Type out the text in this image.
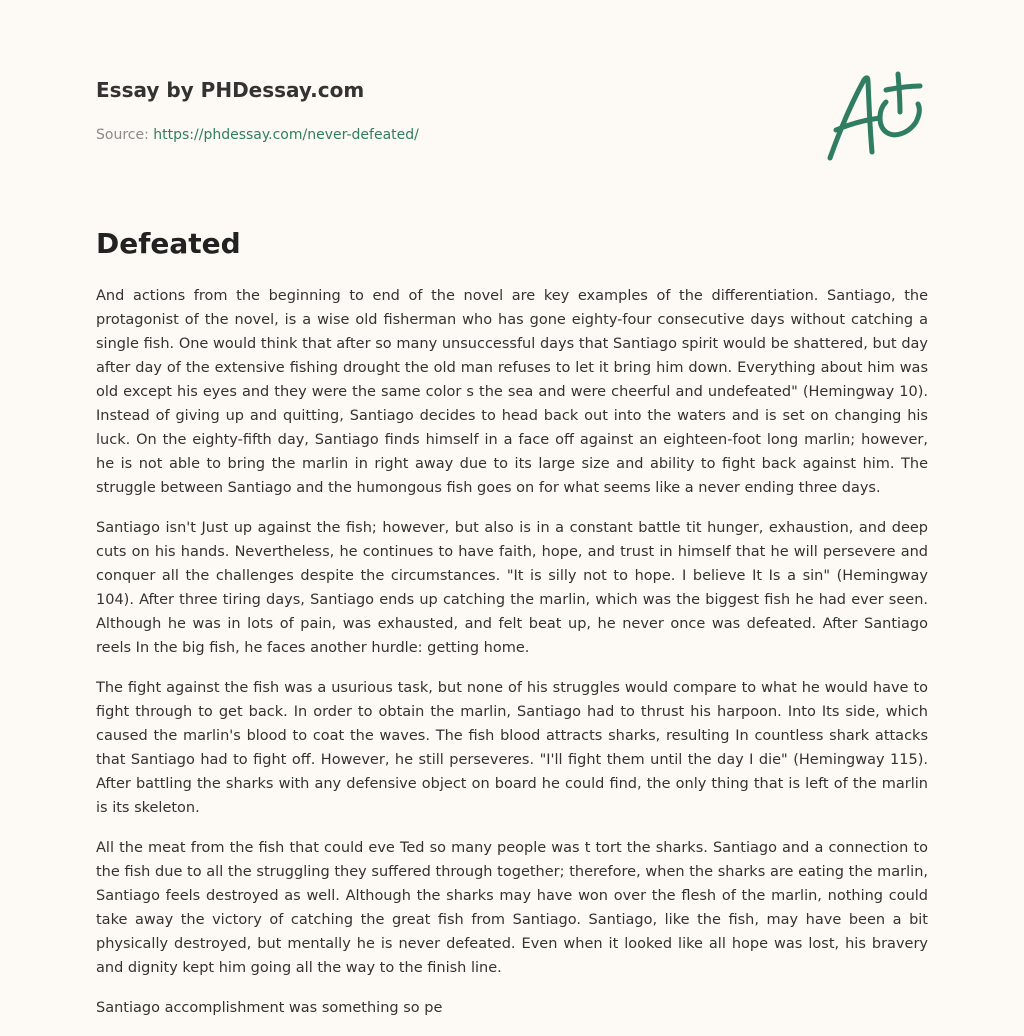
Essay by PHDessay.com
Source: https://phdessay.com/never-defeated/
Defeated

And actions from the beginning to end of the novel are key examples of the differentiation. Santiago, the protagonist of the novel, is a wise old fisherman who has gone eighty-four consecutive days without catching a single fish. One would think that after so many unsuccessful days that Santiago spirit would be shattered, but day after day of the extensive fishing drought the old man refuses to let it bring him down. Everything about him was old except his eyes and they were the same color s the sea and were cheerful and undefeated" (Hemingway 10). Instead of giving up and quitting, Santiago decides to head back out into the waters and is set on changing his luck. On the eighty-fifth day, Santiago finds himself in a face off against an eighteen-foot long marlin; however, he is not able to bring the marlin in right away due to its large size and ability to fight back against him. The struggle between Santiago and the humongous fish goes on for what seems like a never ending three days.

Santiago isn't Just up against the fish; however, but also is in a constant battle tit hunger, exhaustion, and deep cuts on his hands. Nevertheless, he continues to have faith, hope, and trust in himself that he will persevere and conquer all the challenges despite the circumstances. "It is silly not to hope. I believe It Is a sin" (Hemingway 104). After three tiring days, Santiago ends up catching the marlin, which was the biggest fish he had ever seen. Although he was in lots of pain, was exhausted, and felt beat up, he never once was defeated. After Santiago reels In the big fish, he faces another hurdle: getting home.

The fight against the fish was a usurious task, but none of his struggles would compare to what he would have to fight through to get back. In order to obtain the marlin, Santiago had to thrust his harpoon. Into Its side, which caused the marlin's blood to coat the waves. The fish blood attracts sharks, resulting In countless shark attacks that Santiago had to fight off. However, he still perseveres. "I'll fight them until the day I die" (Hemingway 115). After battling the sharks with any defensive object on board he could find, the only thing that is left of the marlin is its skeleton.

All the meat from the fish that could eve Ted so many people was t tort the sharks. Santiago and a connection to the fish due to all the struggling they suffered through together; therefore, when the sharks are eating the marlin, Santiago feels destroyed as well. Although the sharks may have won over the flesh of the marlin, nothing could take away the victory of catching the great fish from Santiago. Santiago, like the fish, may have been a bit physically destroyed, but mentally he is never defeated. Even when it looked like all hope was lost, his bravery and dignity kept him going all the way to the finish line.

Santiago accomplishment was something so pe
